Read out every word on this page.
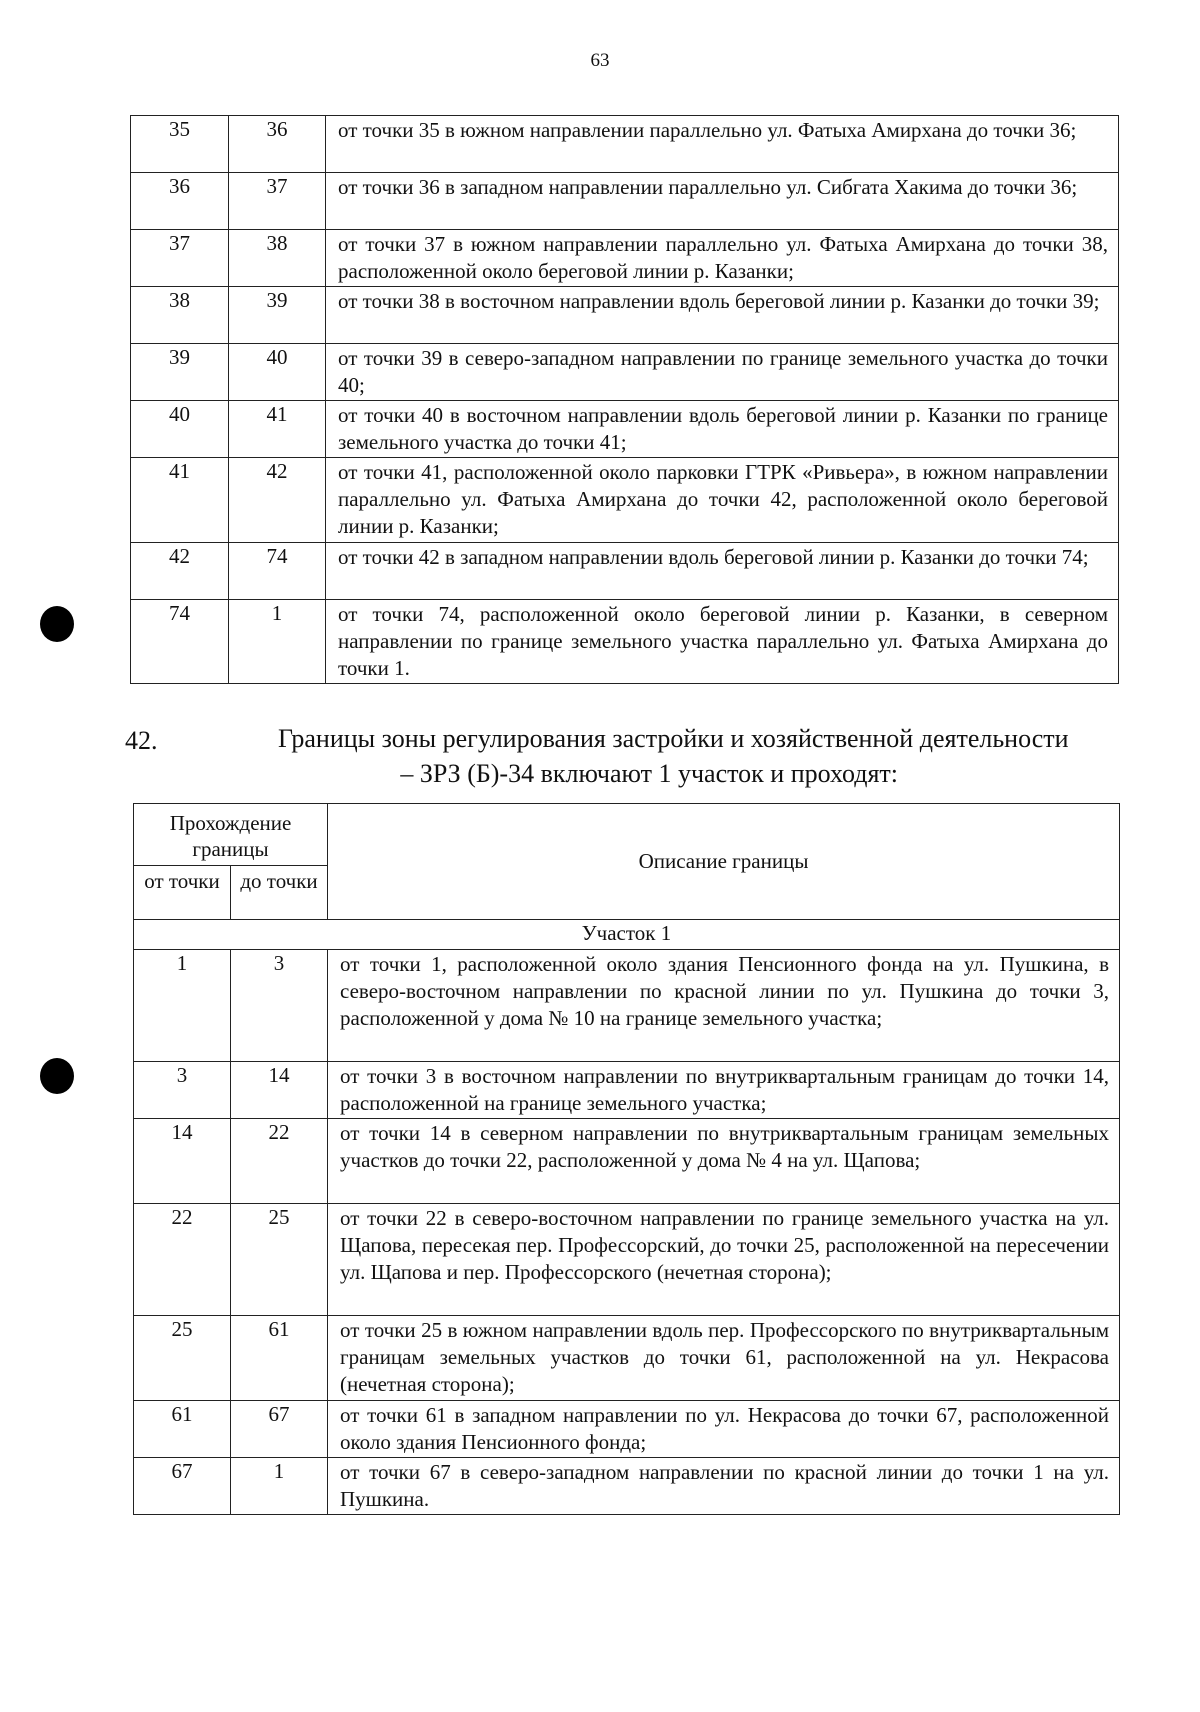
63
35	36	от точки 35 в южном направлении параллельно ул. Фатыха Амирхана до точки 36;
36	37	от точки 36 в западном направлении параллельно ул. Сибгата Хакима до точки 36;
37	38	от точки 37 в южном направлении параллельно ул. Фатыха Амирхана до точки 38, расположенной около береговой линии р. Казанки;
38	39	от точки 38 в восточном направлении вдоль береговой линии р. Казанки до точки 39;
39	40	от точки 39 в северо-западном направлении по границе земельного участка до точки 40;
40	41	от точки 40 в восточном направлении вдоль береговой линии р. Казанки по границе земельного участка до точки 41;
41	42	от точки 41, расположенной около парковки ГТРК «Ривьера», в южном направлении параллельно ул. Фатыха Амирхана до точки 42, расположенной около береговой линии р. Казанки;
42	74	от точки 42 в западном направлении вдоль береговой линии р. Казанки до точки 74;
74	1	от точки 74, расположенной около береговой линии р. Казанки, в северном направлении по границе земельного участка параллельно ул. Фатыха Амирхана до точки 1.
42.	Границы зоны регулирования застройки и хозяйственной деятельности
– ЗРЗ (Б)-34 включают 1 участок и проходят:
Прохождение границы		Описание границы
от точки	до точки	
Участок 1		
1	3	от точки 1, расположенной около здания Пенсионного фонда на ул. Пушкина, в северо-восточном направлении по красной линии по ул. Пушкина до точки 3, расположенной у дома № 10 на границе земельного участка;
3	14	от точки 3 в восточном направлении по внутриквартальным границам до точки 14, расположенной на границе земельного участка;
14	22	от точки 14 в северном направлении по внутриквартальным границам земельных участков до точки 22, расположенной у дома № 4 на ул. Щапова;
22	25	от точки 22 в северо-восточном направлении по границе земельного участка на ул. Щапова, пересекая пер. Профессорский, до точки 25, расположенной на пересечении ул. Щапова и пер. Профессорского (нечетная сторона);
25	61	от точки 25 в южном направлении вдоль пер. Профессорского по внутриквартальным границам земельных участков до точки 61, расположенной на ул. Некрасова (нечетная сторона);
61	67	от точки 61 в западном направлении по ул. Некрасова до точки 67, расположенной около здания Пенсионного фонда;
67	1	от точки 67 в северо-западном направлении по красной линии до точки 1 на ул. Пушкина.
